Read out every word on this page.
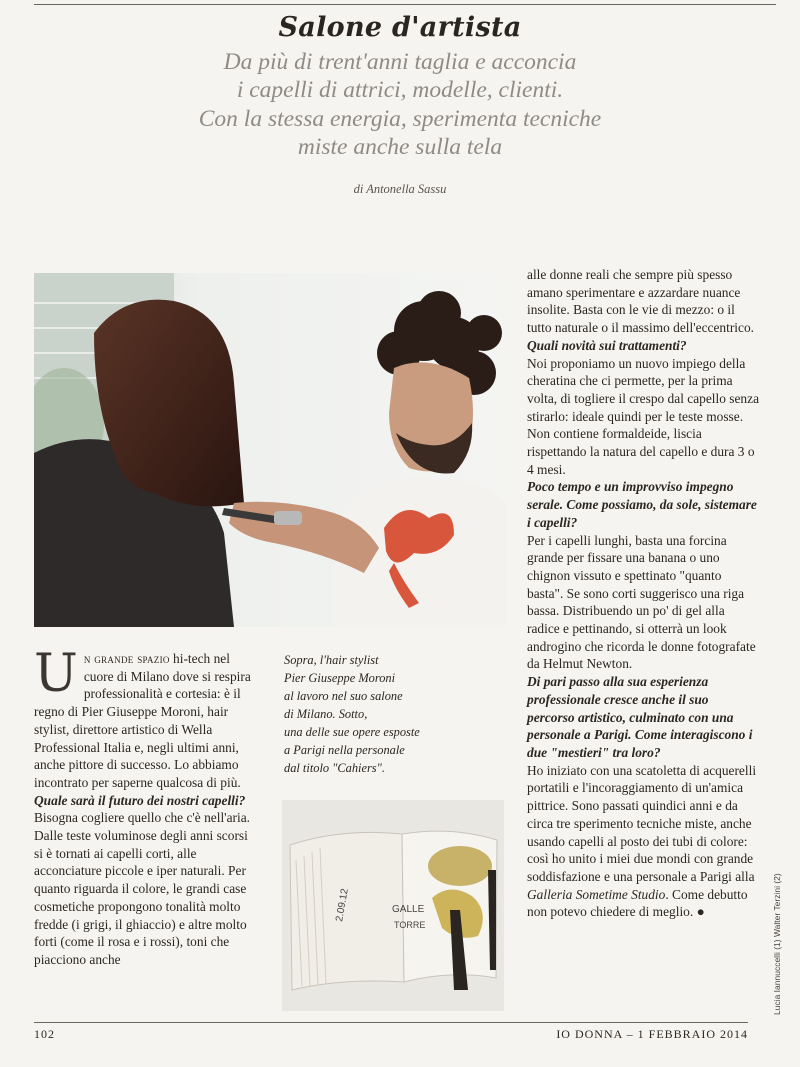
Salone d'artista
Da più di trent'anni taglia e acconcia
i capelli di attrici, modelle, clienti.
Con la stessa energia, sperimenta tecniche
miste anche sulla tela
di Antonella Sassu

Un grande spazio hi-tech nel cuore di Milano dove si respira professionalità e cortesia: è il regno di Pier Giuseppe Moroni, hair stylist, direttore artistico di Wella Professional Italia e, negli ultimi anni, anche pittore di successo. Lo abbiamo incontrato per saperne qualcosa di più.

Quale sarà il futuro dei nostri capelli?

Bisogna cogliere quello che c'è nell'aria. Dalle teste voluminose degli anni scorsi si è tornati ai capelli corti, alle acconciature piccole e iper naturali. Per quanto riguarda il colore, le grandi case cosmetiche propongono tonalità molto fredde (i grigi, il ghiaccio) e altre molto forti (come il rosa e i rossi), toni che piacciono anche

Sopra, l'hair stylist
Pier Giuseppe Moroni
al lavoro nel suo salone
di Milano. Sotto,
una delle sue opere esposte
a Parigi nella personale
dal titolo "Cahiers".
GALLE
TORRE
2.09.12

alle donne reali che sempre più spesso amano sperimentare e azzardare nuance insolite. Basta con le vie di mezzo: o il tutto naturale o il massimo dell'eccentrico.

Quali novità sui trattamenti?

Noi proponiamo un nuovo impiego della cheratina che ci permette, per la prima volta, di togliere il crespo dal capello senza stirarlo: ideale quindi per le teste mosse. Non contiene formaldeide, liscia rispettando la natura del capello e dura 3 o 4 mesi.

Poco tempo e un improvviso impegno serale. Come possiamo, da sole, sistemare i capelli?

Per i capelli lunghi, basta una forcina grande per fissare una banana o uno chignon vissuto e spettinato "quanto basta". Se sono corti suggerisco una riga bassa. Distribuendo un po' di gel alla radice e pettinando, si otterrà un look androgino che ricorda le donne fotografate da Helmut Newton.

Di pari passo alla sua esperienza professionale cresce anche il suo percorso artistico, culminato con una personale a Parigi. Come interagiscono i due "mestieri" tra loro?

Ho iniziato con una scatoletta di acquerelli portatili e l'incoraggiamento di un'amica pittrice. Sono passati quindici anni e da circa tre sperimento tecniche miste, anche usando capelli al posto dei tubi di colore: così ho unito i miei due mondi con grande soddisfazione e una personale a Parigi alla Galleria Sometime Studio. Come debutto non potevo chiedere di meglio. ●	Lucia Iannuccelli (1) Walter Terzini (2)
102	IO DONNA – 1 FEBBRAIO 2014
